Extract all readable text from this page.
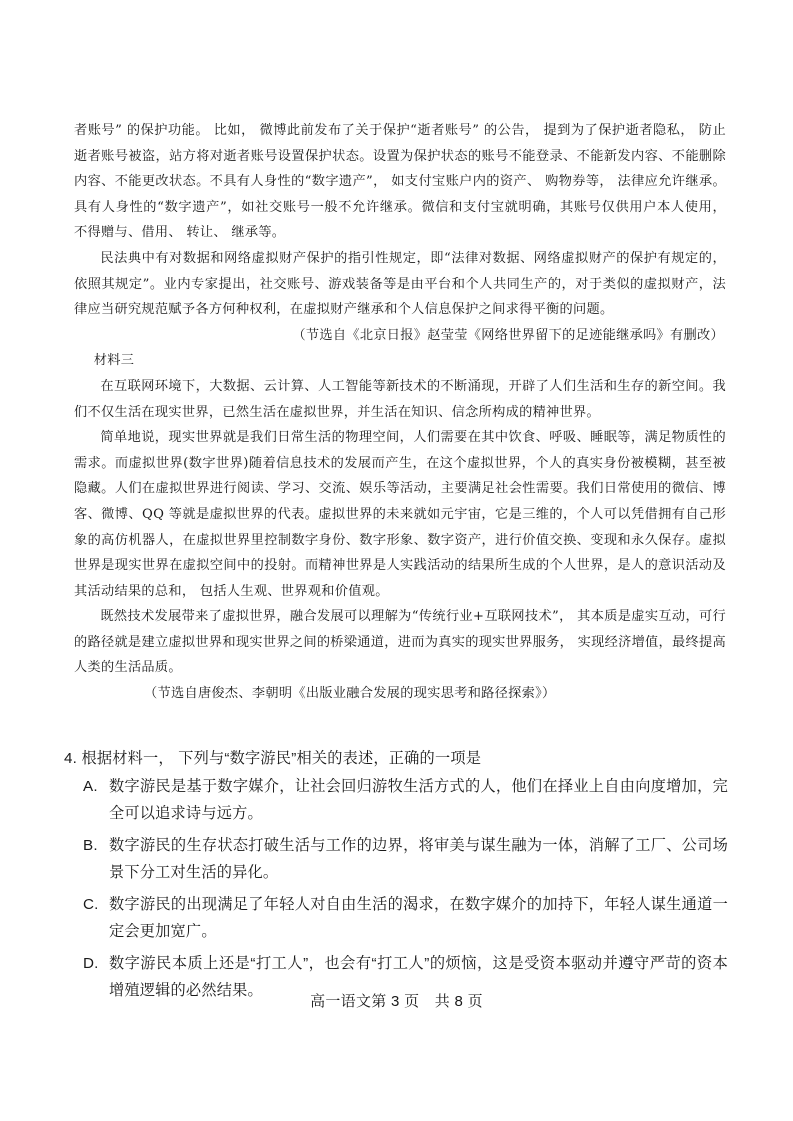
者账号” 的保护功能。 比如， 微博此前发布了关于保护“逝者账号” 的公告， 提到为了保护逝者隐私， 防止逝者账号被盗，站方将对逝者账号设置保护状态。设置为保护状态的账号不能登录、不能新发内容、不能删除内容、不能更改状态。不具有人身性的“数字遗产”， 如支付宝账户内的资产、 购物券等， 法律应允许继承。具有人身性的“数字遗产”，如社交账号一般不允许继承。微信和支付宝就明确，其账号仅供用户本人使用， 不得赠与、借用、 转让、 继承等。

民法典中有对数据和网络虚拟财产保护的指引性规定，即“法律对数据、网络虚拟财产的保护有规定的，依照其规定”。业内专家提出，社交账号、游戏装备等是由平台和个人共同生产的，对于类似的虚拟财产，法律应当研究规范赋予各方何种权利，在虚拟财产继承和个人信息保护之间求得平衡的问题。

（节选自《北京日报》赵莹莹《网络世界留下的足迹能继承吗》有删改）

材料三

在互联网环境下，大数据、云计算、人工智能等新技术的不断涌现，开辟了人们生活和生存的新空间。我们不仅生活在现实世界，已然生活在虚拟世界，并生活在知识、信念所构成的精神世界。

简单地说，现实世界就是我们日常生活的物理空间，人们需要在其中饮食、呼吸、睡眠等，满足物质性的需求。而虚拟世界(数字世界)随着信息技术的发展而产生，在这个虚拟世界，个人的真实身份被模糊，甚至被隐藏。人们在虚拟世界进行阅读、学习、交流、娱乐等活动，主要满足社会性需要。我们日常使用的微信、博客、微博、QQ 等就是虚拟世界的代表。虚拟世界的未来就如元宇宙，它是三维的，个人可以凭借拥有自己形象的高仿机器人，在虚拟世界里控制数字身份、数字形象、数字资产，进行价值交换、变现和永久保存。虚拟世界是现实世界在虚拟空间中的投射。而精神世界是人实践活动的结果所生成的个人世界，是人的意识活动及其活动结果的总和， 包括人生观、世界观和价值观。

既然技术发展带来了虚拟世界，融合发展可以理解为“传统行业+互联网技术”， 其本质是虚实互动，可行的路径就是建立虚拟世界和现实世界之间的桥梁通道，进而为真实的现实世界服务， 实现经济增值，最终提高人类的生活品质。

（节选自唐俊杰、李朝明《出版业融合发展的现实思考和路径探索》）

4. 根据材料一， 下列与“数字游民”相关的表述，正确的一项是

A. 数字游民是基于数字媒介，让社会回归游牧生活方式的人，他们在择业上自由向度增加，完全可以追求诗与远方。
B. 数字游民的生存状态打破生活与工作的边界，将审美与谋生融为一体，消解了工厂、公司场景下分工对生活的异化。
C. 数字游民的出现满足了年轻人对自由生活的渴求，在数字媒介的加持下，年轻人谋生通道一定会更加宽广。
D. 数字游民本质上还是“打工人”，也会有“打工人”的烦恼，这是受资本驱动并遵守严苛的资本增殖逻辑的必然结果。
高一语文第 3 页　共 8 页
